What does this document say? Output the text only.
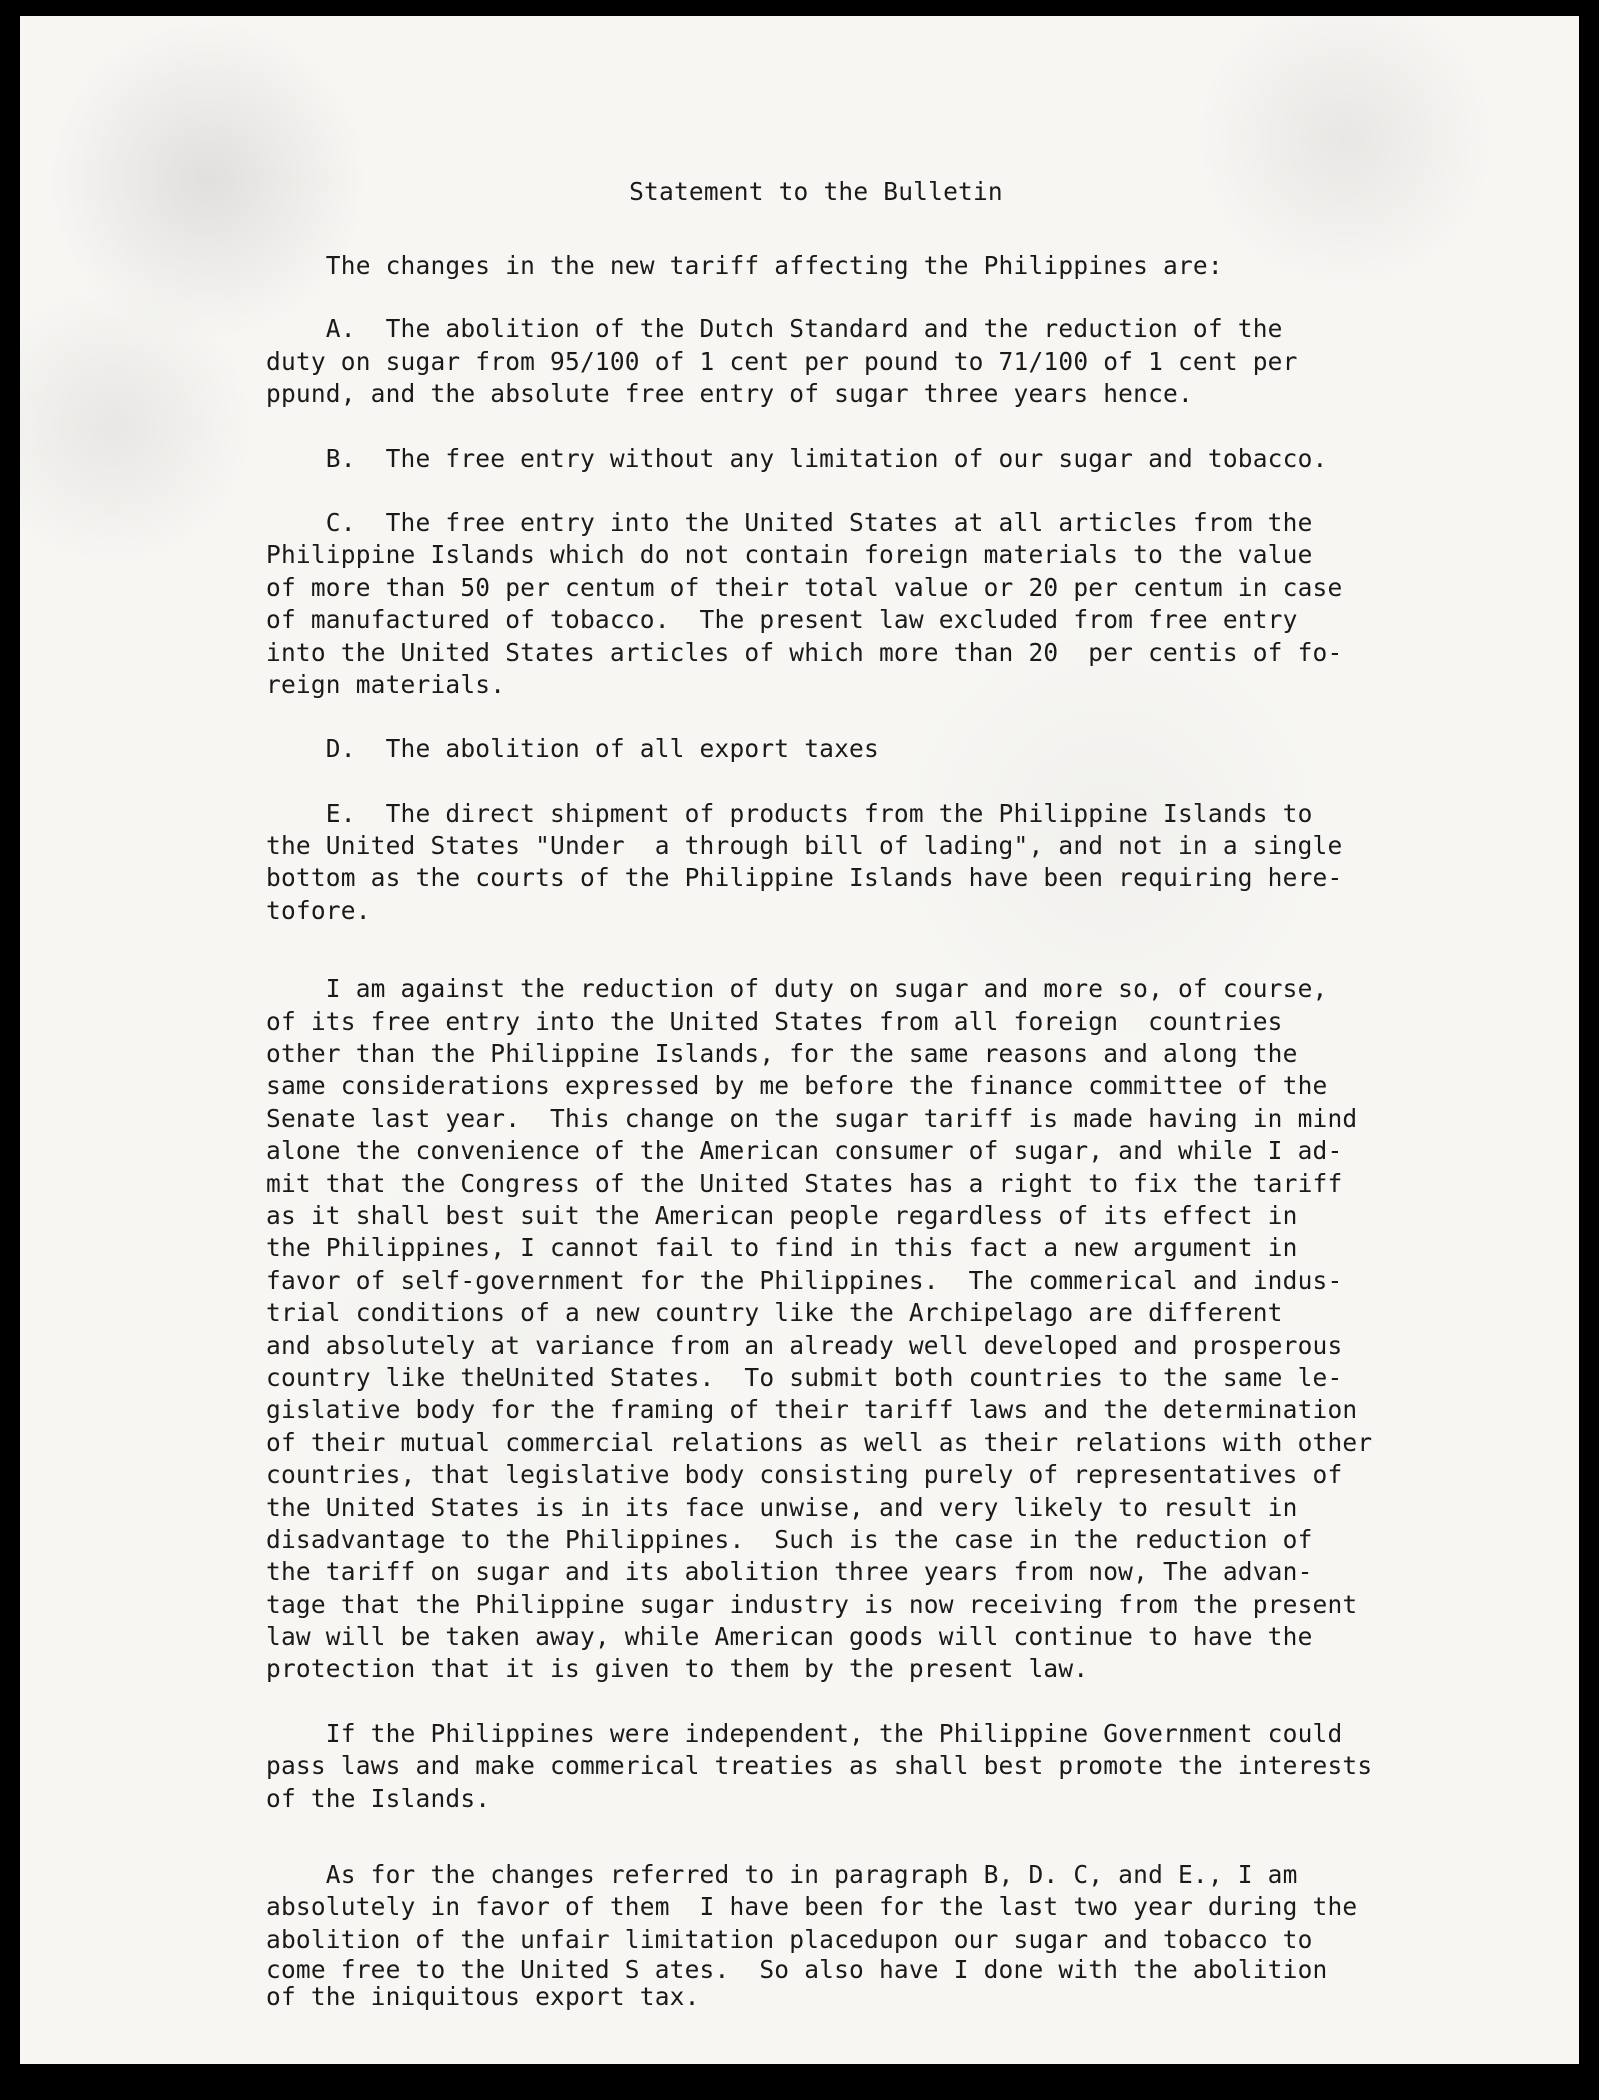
Statement to the Bulletin
The changes in the new tariff affecting the Philippines are:
A.  The abolition of the Dutch Standard and the reduction of the
duty on sugar from 95/100 of 1 cent per pound to 71/100 of 1 cent per
ppund, and the absolute free entry of sugar three years hence.
B.  The free entry without any limitation of our sugar and tobacco.
C.  The free entry into the United States at all articles from the
Philippine Islands which do not contain foreign materials to the value
of more than 50 per centum of their total value or 20 per centum in case
of manufactured of tobacco.  The present law excluded from free entry
into the United States articles of which more than 20  per centis of fo-
reign materials.
D.  The abolition of all export taxes
E.  The direct shipment of products from the Philippine Islands to
the United States "Under  a through bill of lading", and not in a single
bottom as the courts of the Philippine Islands have been requiring here-
tofore.
I am against the reduction of duty on sugar and more so, of course,
of its free entry into the United States from all foreign  countries
other than the Philippine Islands, for the same reasons and along the
same considerations expressed by me before the finance committee of the
Senate last year.  This change on the sugar tariff is made having in mind
alone the convenience of the American consumer of sugar, and while I ad-
mit that the Congress of the United States has a right to fix the tariff
as it shall best suit the American people regardless of its effect in
the Philippines, I cannot fail to find in this fact a new argument in
favor of self-government for the Philippines.  The commerical and indus-
trial conditions of a new country like the Archipelago are different
and absolutely at variance from an already well developed and prosperous
country like theUnited States.  To submit both countries to the same le-
gislative body for the framing of their tariff laws and the determination
of their mutual commercial relations as well as their relations with other
countries, that legislative body consisting purely of representatives of
the United States is in its face unwise, and very likely to result in
disadvantage to the Philippines.  Such is the case in the reduction of
the tariff on sugar and its abolition three years from now, The advan-
tage that the Philippine sugar industry is now receiving from the present
law will be taken away, while American goods will continue to have the
protection that it is given to them by the present law.
If the Philippines were independent, the Philippine Government could
pass laws and make commerical treaties as shall best promote the interests
of the Islands.
As for the changes referred to in paragraph B, D. C, and E., I am
absolutely in favor of them  I have been for the last two year during the
abolition of the unfair limitation placedupon our sugar and tobacco to
come free to the United S ates.  So also have I done with the abolition
of the iniquitous export tax.
